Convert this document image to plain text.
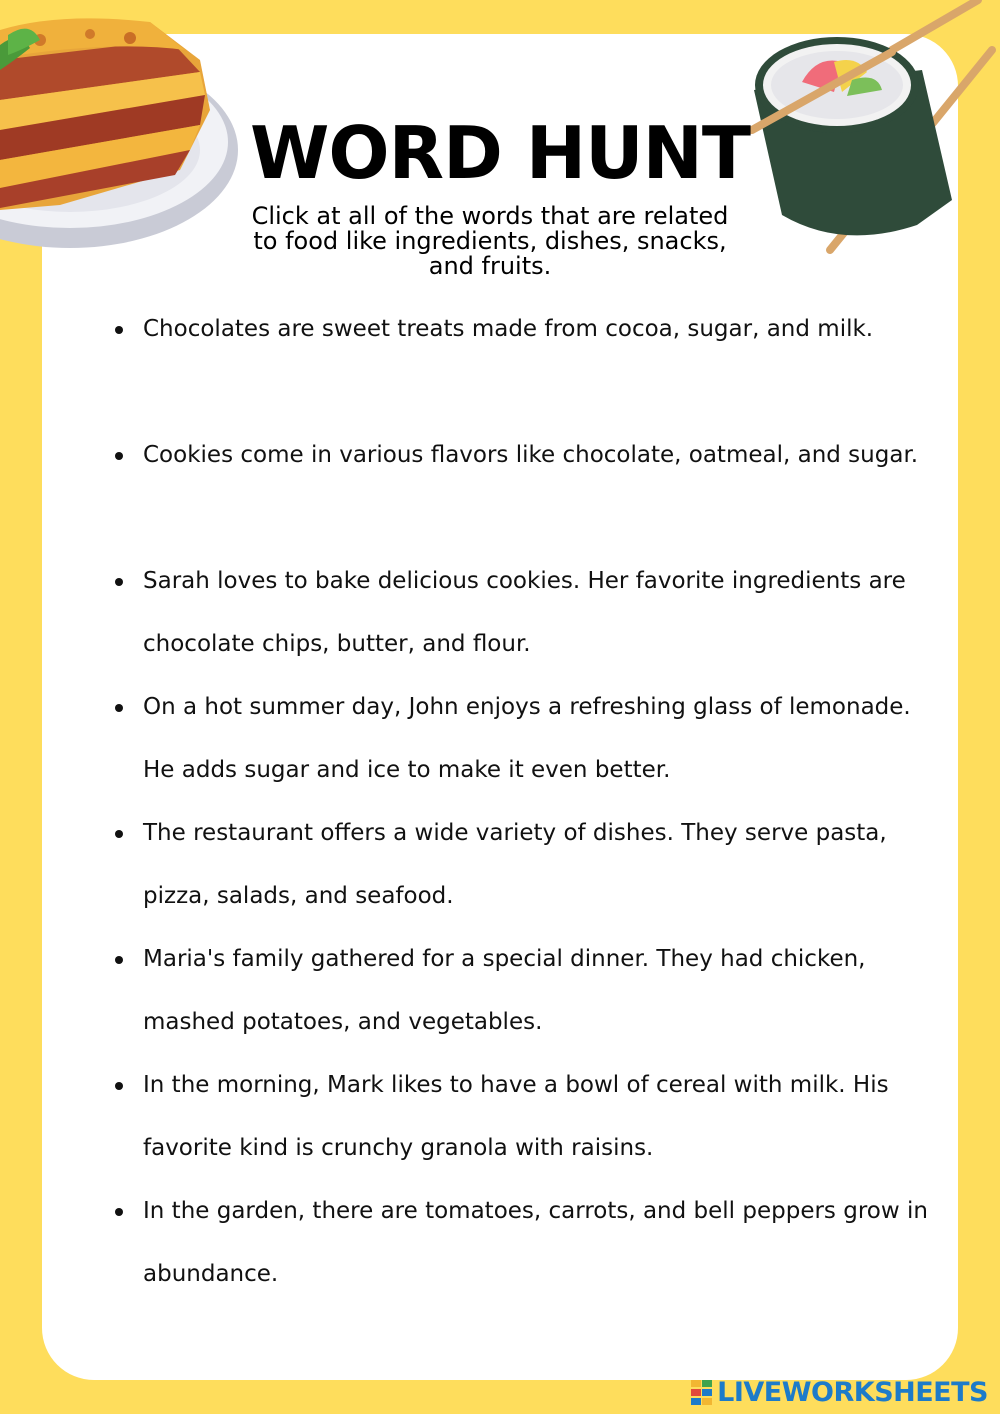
WORD HUNT

Click at all of the words that are related to food like ingredients, dishes, snacks, and fruits.

Chocolates are sweet treats made from cocoa, sugar, and milk.
Cookies come in various flavors like chocolate, oatmeal, and sugar.
Sarah loves to bake delicious cookies. Her favorite ingredients are chocolate chips, butter, and flour.
On a hot summer day, John enjoys a refreshing glass of lemonade. He adds sugar and ice to make it even better.
The restaurant offers a wide variety of dishes. They serve pasta, pizza, salads, and seafood.
Maria's family gathered for a special dinner. They had chicken, mashed potatoes, and vegetables.
In the morning, Mark likes to have a bowl of cereal with milk. His favorite kind is crunchy granola with raisins.
In the garden, there are tomatoes, carrots, and bell peppers grow in abundance.
LIVEWORKSHEETS
